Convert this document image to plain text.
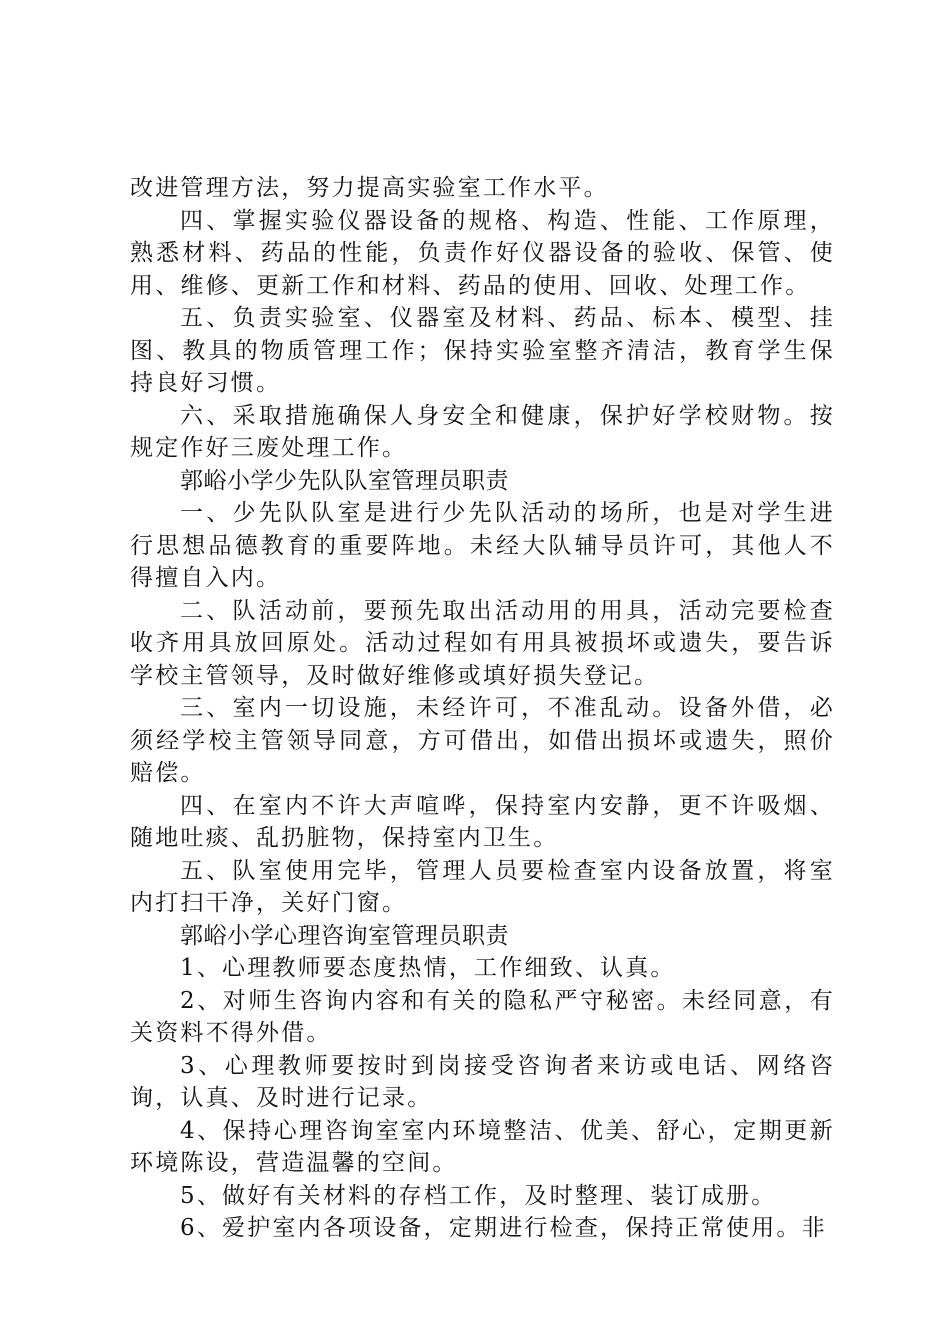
改进管理方法，努力提高实验室工作水平。

四、掌握实验仪器设备的规格、构造、性能、工作原理，熟悉材料、药品的性能，负责作好仪器设备的验收、保管、使用、维修、更新工作和材料、药品的使用、回收、处理工作。

五、负责实验室、仪器室及材料、药品、标本、模型、挂图、教具的物质管理工作；保持实验室整齐清洁，教育学生保持良好习惯。

六、采取措施确保人身安全和健康，保护好学校财物。按规定作好三废处理工作。

郭峪小学少先队队室管理员职责

一、少先队队室是进行少先队活动的场所，也是对学生进行思想品德教育的重要阵地。未经大队辅导员许可，其他人不得擅自入内。

二、队活动前，要预先取出活动用的用具，活动完要检查收齐用具放回原处。活动过程如有用具被损坏或遗失，要告诉学校主管领导，及时做好维修或填好损失登记。

三、室内一切设施，未经许可，不准乱动。设备外借，必须经学校主管领导同意，方可借出，如借出损坏或遗失，照价赔偿。

四、在室内不许大声喧哗，保持室内安静，更不许吸烟、随地吐痰、乱扔脏物，保持室内卫生。

五、队室使用完毕，管理人员要检查室内设备放置，将室内打扫干净，关好门窗。

郭峪小学心理咨询室管理员职责

1、心理教师要态度热情，工作细致、认真。

2、对师生咨询内容和有关的隐私严守秘密。未经同意，有关资料不得外借。

3、心理教师要按时到岗接受咨询者来访或电话、网络咨询，认真、及时进行记录。

4、保持心理咨询室室内环境整洁、优美、舒心，定期更新环境陈设，营造温馨的空间。

5、做好有关材料的存档工作，及时整理、装订成册。

6、爱护室内各项设备，定期进行检查，保持正常使用。非
